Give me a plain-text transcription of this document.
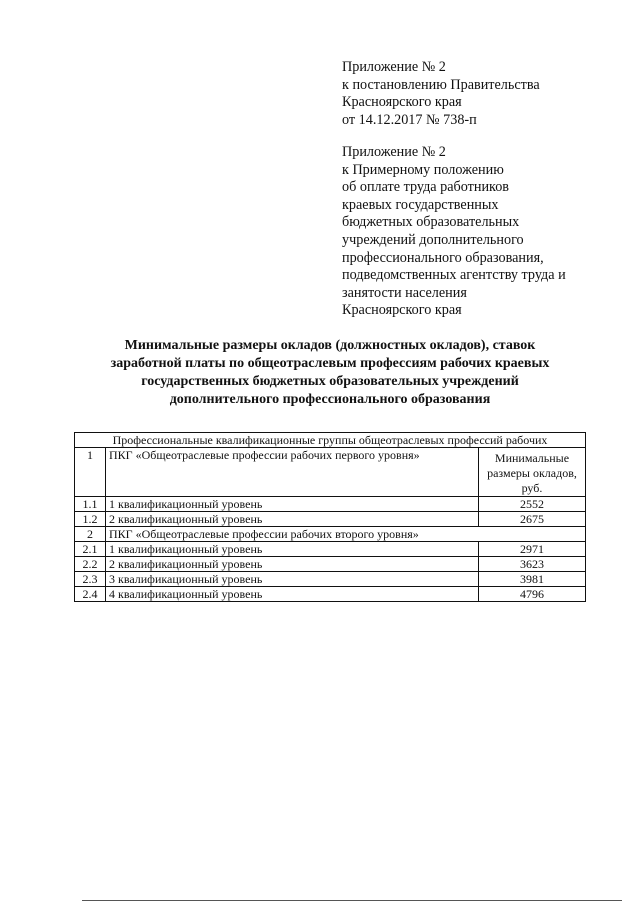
Приложение № 2
к постановлению Правительства
Красноярского края
от 14.12.2017 № 738-п
Приложение № 2
к Примерному положению
об оплате труда работников
краевых государственных
бюджетных образовательных
учреждений дополнительного
профессионального образования,
подведомственных агентству труда и
занятости населения
Красноярского края
Минимальные размеры окладов (должностных окладов), ставок
заработной платы по общеотраслевым профессиям рабочих краевых
государственных бюджетных образовательных учреждений
дополнительного профессионального образования
Профессиональные квалификационные группы общеотраслевых профессий рабочих		
1	ПКГ «Общеотраслевые профессии рабочих первого уровня»	Минимальные размеры окладов, руб.
1.1	1 квалификационный уровень	2552
1.2	2 квалификационный уровень	2675
2	ПКГ «Общеотраслевые профессии рабочих второго уровня»	
2.1	1 квалификационный уровень	2971
2.2	2 квалификационный уровень	3623
2.3	3 квалификационный уровень	3981
2.4	4 квалификационный уровень	4796
